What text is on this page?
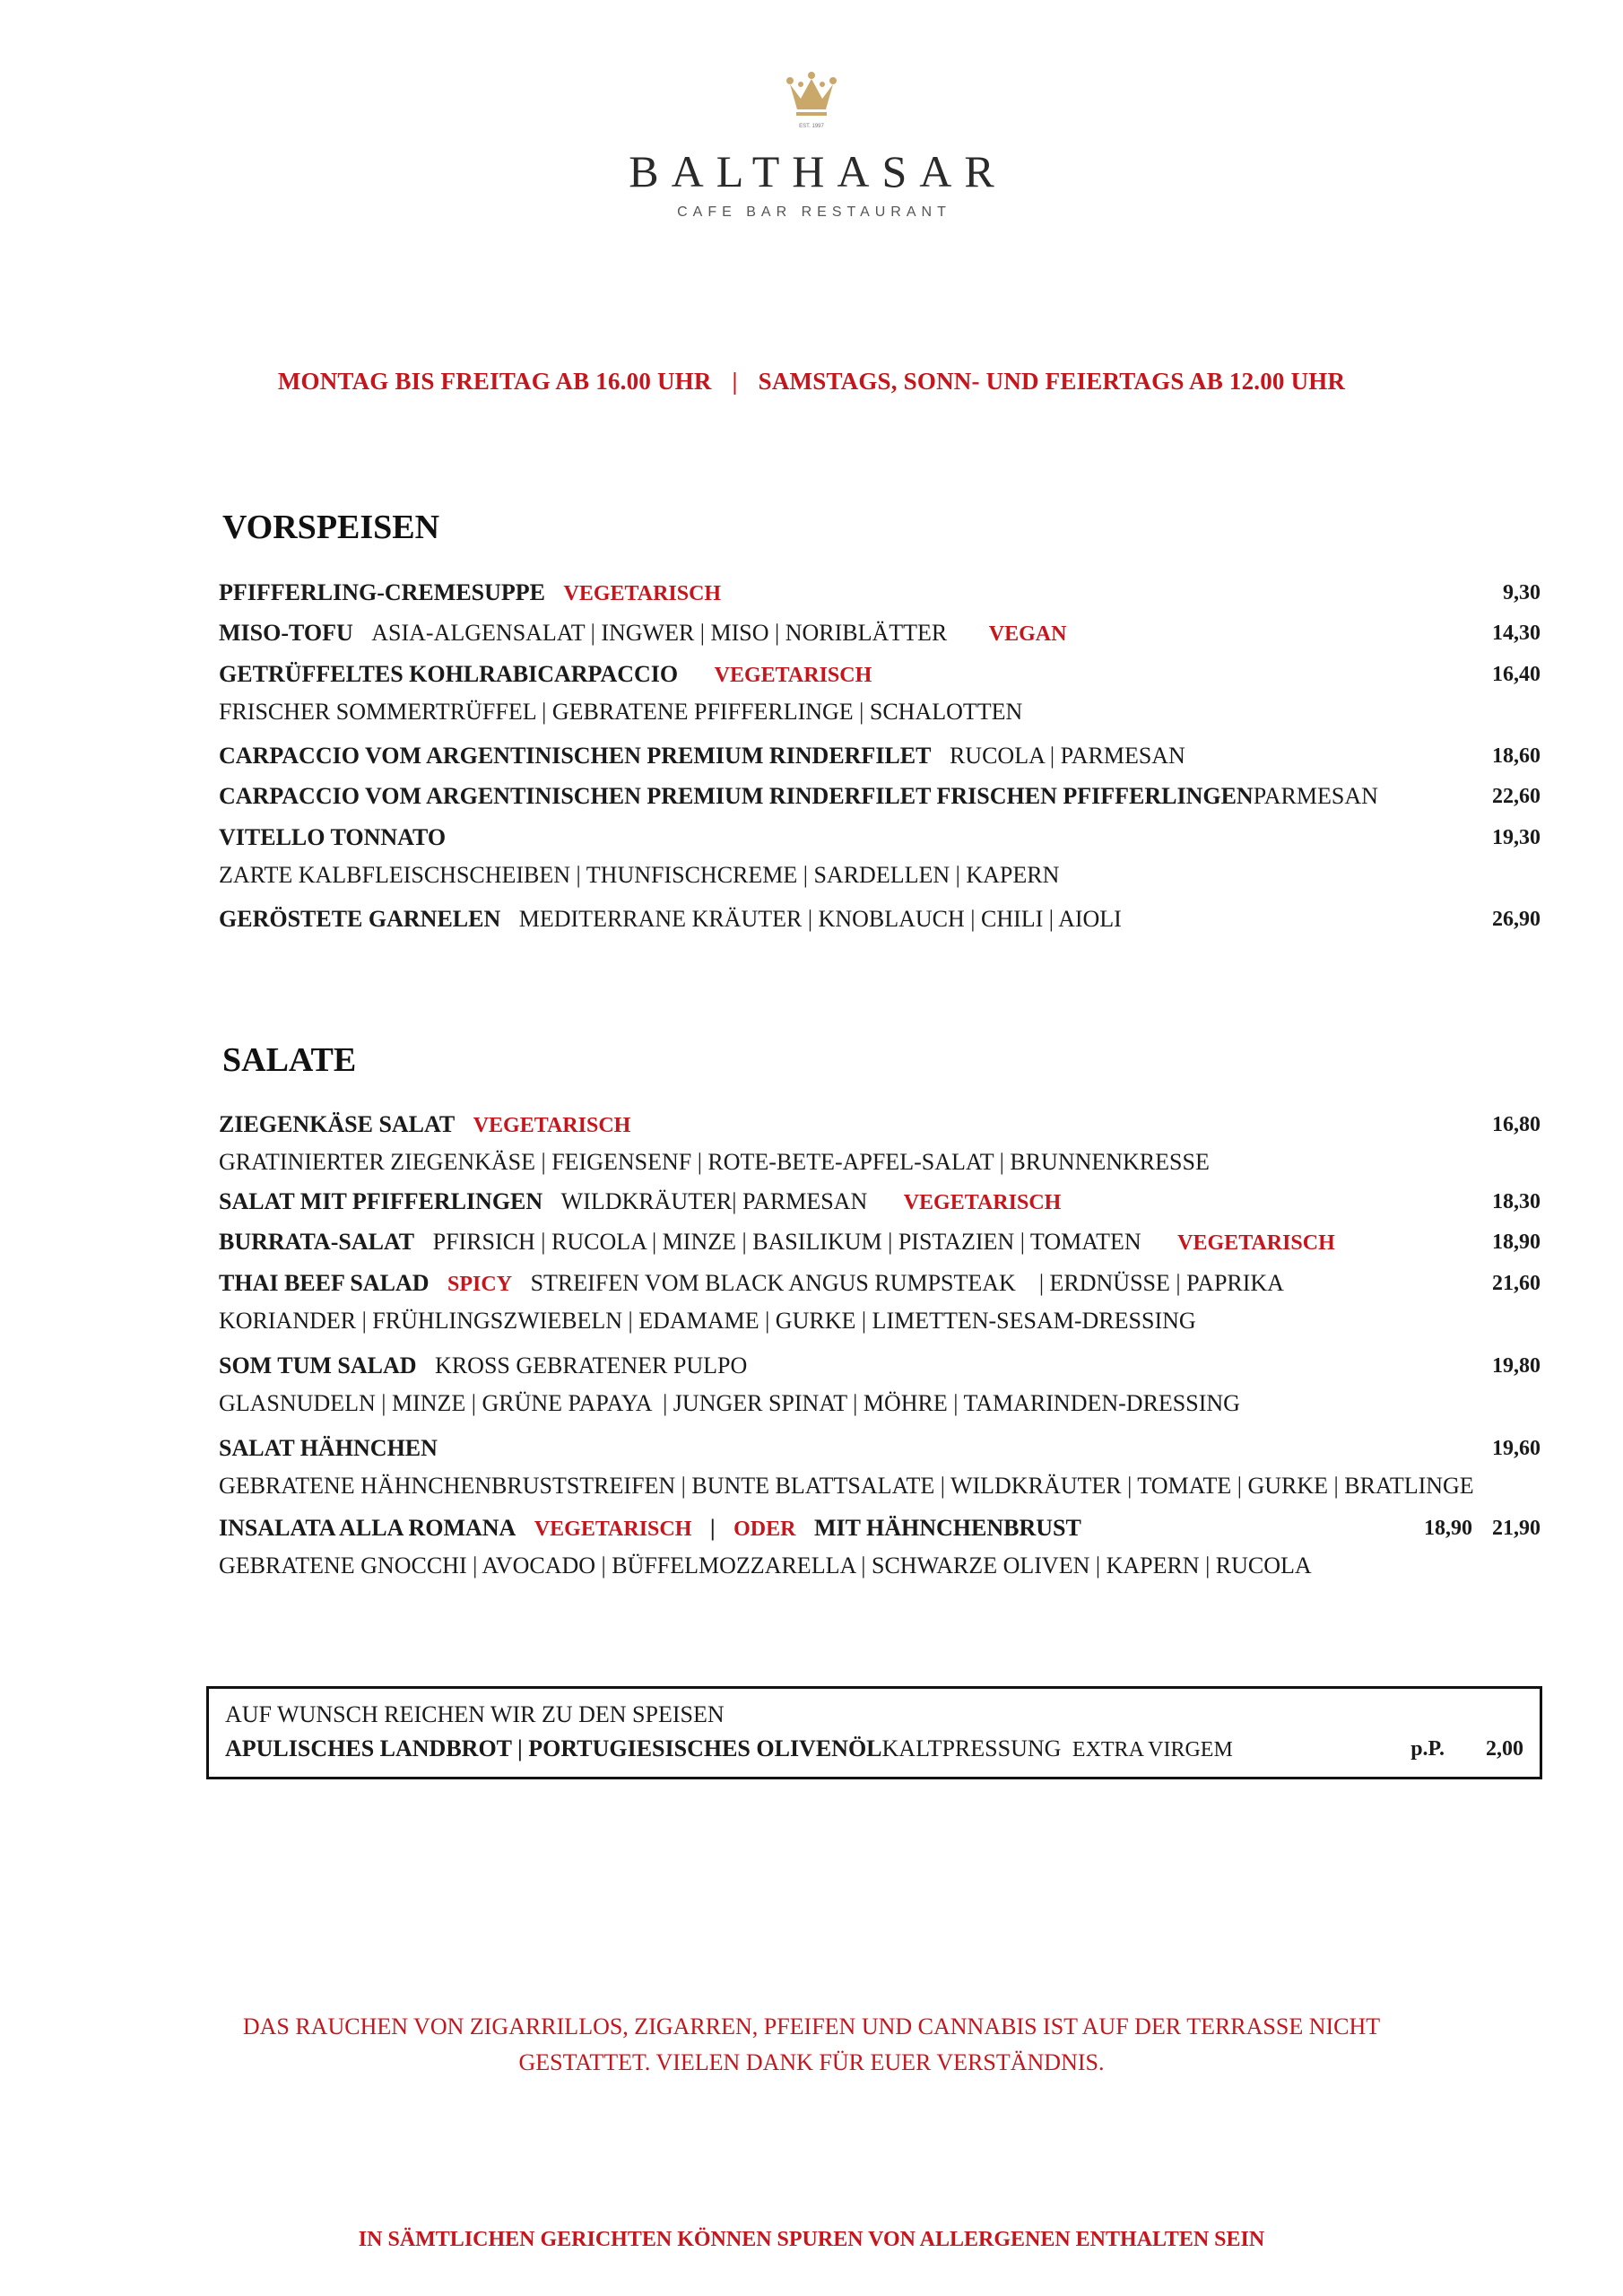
EST. 1997
BALTHASAR
CAFE BAR RESTAURANT
MONTAG BIS FREITAG AB 16.00 UHR | SAMSTAGS, SONN- UND FEIERTAGS AB 12.00 UHR
VORSPEISEN
PFIFFERLING-CREMESUPPE VEGETARISCH	9,30
MISO-TOFU ASIA-ALGENSALAT | INGWER | MISO | NORIBLÄTTER VEGAN	14,30
GETRÜFFELTES KOHLRABICARPACCIO VEGETARISCH	16,40
FRISCHER SOMMERTRÜFFEL | GEBRATENE PFIFFERLINGE | SCHALOTTEN
CARPACCIO VOM ARGENTINISCHEN PREMIUM RINDERFILET RUCOLA | PARMESAN	18,60
CARPACCIO VOM ARGENTINISCHEN PREMIUM RINDERFILET FRISCHEN PFIFFERLINGENPARMESAN	22,60
VITELLO TONNATO	19,30
ZARTE KALBFLEISCHSCHEIBEN | THUNFISCHCREME | SARDELLEN | KAPERN
GERÖSTETE GARNELEN MEDITERRANE KRÄUTER | KNOBLAUCH | CHILI | AIOLI	26,90
SALATE
ZIEGENKÄSE SALAT VEGETARISCH	16,80
GRATINIERTER ZIEGENKÄSE | FEIGENSENF | ROTE-BETE-APFEL-SALAT | BRUNNENKRESSE
SALAT MIT PFIFFERLINGEN WILDKRÄUTER| PARMESAN VEGETARISCH	18,30
BURRATA-SALAT PFIRSICH | RUCOLA | MINZE | BASILIKUM | PISTAZIEN | TOMATEN VEGETARISCH	18,90
THAI BEEF SALAD SPICY STREIFEN VOM BLACK ANGUS RUMPSTEAK    | ERDNÜSSE | PAPRIKA	21,60
KORIANDER | FRÜHLINGSZWIEBELN | EDAMAME | GURKE | LIMETTEN-SESAM-DRESSING
SOM TUM SALAD KROSS GEBRATENER PULPO	19,80
GLASNUDELN | MINZE | GRÜNE PAPAYA  | JUNGER SPINAT | MÖHRE | TAMARINDEN-DRESSING
SALAT HÄHNCHEN	19,60
GEBRATENE HÄHNCHENBRUSTSTREIFEN | BUNTE BLATTSALATE | WILDKRÄUTER | TOMATE | GURKE | BRATLINGE
INSALATA ALLA ROMANA VEGETARISCH | ODER MIT HÄHNCHENBRUST	18,90 21,90
GEBRATENE GNOCCHI | AVOCADO | BÜFFELMOZZARELLA | SCHWARZE OLIVEN | KAPERN | RUCOLA
AUF WUNSCH REICHEN WIR ZU DEN SPEISEN
APULISCHES LANDBROT | PORTUGIESISCHES OLIVENÖLKALTPRESSUNG EXTRA VIRGEM	p.P. 2,00
DAS RAUCHEN VON ZIGARRILLOS, ZIGARREN, PFEIFEN UND CANNABIS IST AUF DER TERRASSE NICHT
GESTATTET. VIELEN DANK FÜR EUER VERSTÄNDNIS.
IN SÄMTLICHEN GERICHTEN KÖNNEN SPUREN VON ALLERGENEN ENTHALTEN SEIN
